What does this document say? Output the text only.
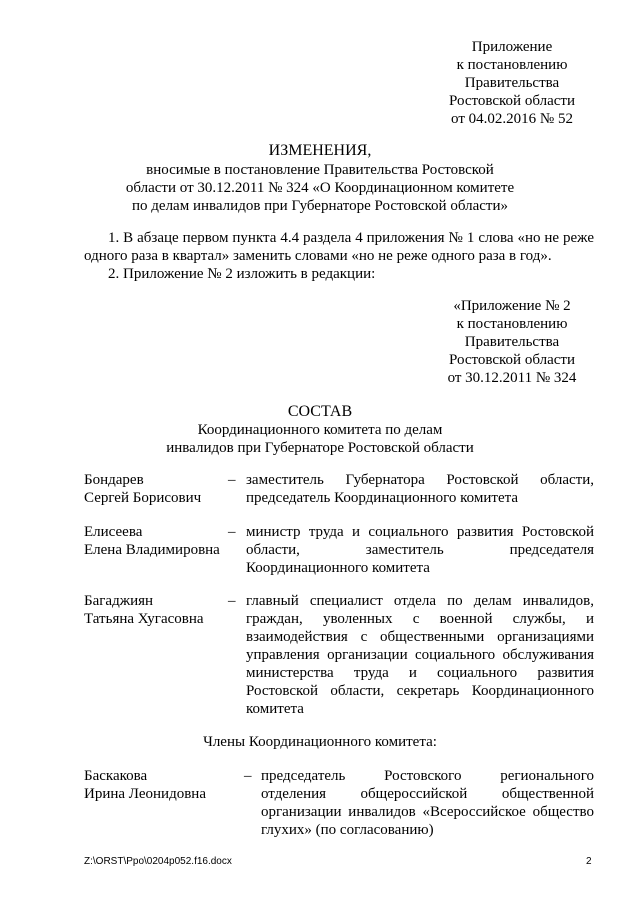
Приложение
к постановлению
Правительства
Ростовской области
от 04.02.2016 № 52
ИЗМЕНЕНИЯ,
вносимые в постановление Правительства Ростовской
области от 30.12.2011 № 324 «О Координационном комитете
по делам инвалидов при Губернаторе Ростовской области»
1. В абзаце первом пункта 4.4 раздела 4 приложения № 1 слова «но не реже
одного раза в квартал» заменить словами «но не реже одного раза в год».
2. Приложение № 2 изложить в редакции:
«Приложение № 2
к постановлению
Правительства
Ростовской области
от 30.12.2011 № 324
СОСТАВ
Координационного комитета по делам
инвалидов при Губернаторе Ростовской области
Бондарев
Сергей Борисович
– заместитель Губернатора Ростовской области,
председатель Координационного комитета
Елисеева
Елена Владимировна
– министр труда и социального развития Ростовской
области, заместитель председателя
Координационного комитета
Багаджиян
Татьяна Хугасовна
– главный специалист отдела по делам инвалидов,
граждан, уволенных с военной службы, и
взаимодействия с общественными организациями
управления организации социального обслуживания
министерства труда и социального развития
Ростовской области, секретарь Координационного
комитета
Члены Координационного комитета:
Баскакова
Ирина Леонидовна
– председатель Ростовского регионального
отделения общероссийской общественной
организации инвалидов «Всероссийское общество
глухих» (по согласованию)
Z:\ORST\Ppo\0204p052.f16.docx	2
